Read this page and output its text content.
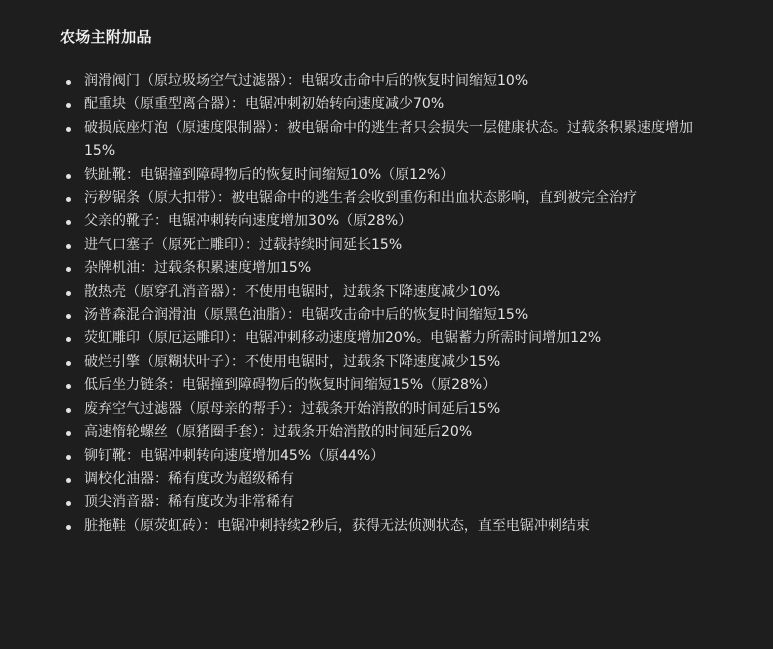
农场主附加品
润滑阀门（原垃圾场空气过滤器）：电锯攻击命中后的恢复时间缩短10%
配重块（原重型离合器）：电锯冲刺初始转向速度减少70%
破损底座灯泡（原速度限制器）：被电锯命中的逃生者只会损失一层健康状态。过载条积累速度增加15%
铁趾靴：电锯撞到障碍物后的恢复时间缩短10%（原12%）
污秽锯条（原大扣带）：被电锯命中的逃生者会收到重伤和出血状态影响，直到被完全治疗
父亲的靴子：电锯冲刺转向速度增加30%（原28%）
进气口塞子（原死亡雕印）：过载持续时间延长15%
杂牌机油：过载条积累速度增加15%
散热壳（原穿孔消音器）：不使用电锯时，过载条下降速度减少10%
汤普森混合润滑油（原黑色油脂）：电锯攻击命中后的恢复时间缩短15%
荧虹雕印（原厄运雕印）：电锯冲刺移动速度增加20%。电锯蓄力所需时间增加12%
破烂引擎（原糊状叶子）：不使用电锯时，过载条下降速度减少15%
低后坐力链条：电锯撞到障碍物后的恢复时间缩短15%（原28%）
废弃空气过滤器（原母亲的帮手）：过载条开始消散的时间延后15%
高速惰轮螺丝（原猪圈手套）：过载条开始消散的时间延后20%
铆钉靴：电锯冲刺转向速度增加45%（原44%）
调校化油器：稀有度改为超级稀有
顶尖消音器：稀有度改为非常稀有
脏拖鞋（原荧虹砖）：电锯冲刺持续2秒后，获得无法侦测状态，直至电锯冲刺结束
